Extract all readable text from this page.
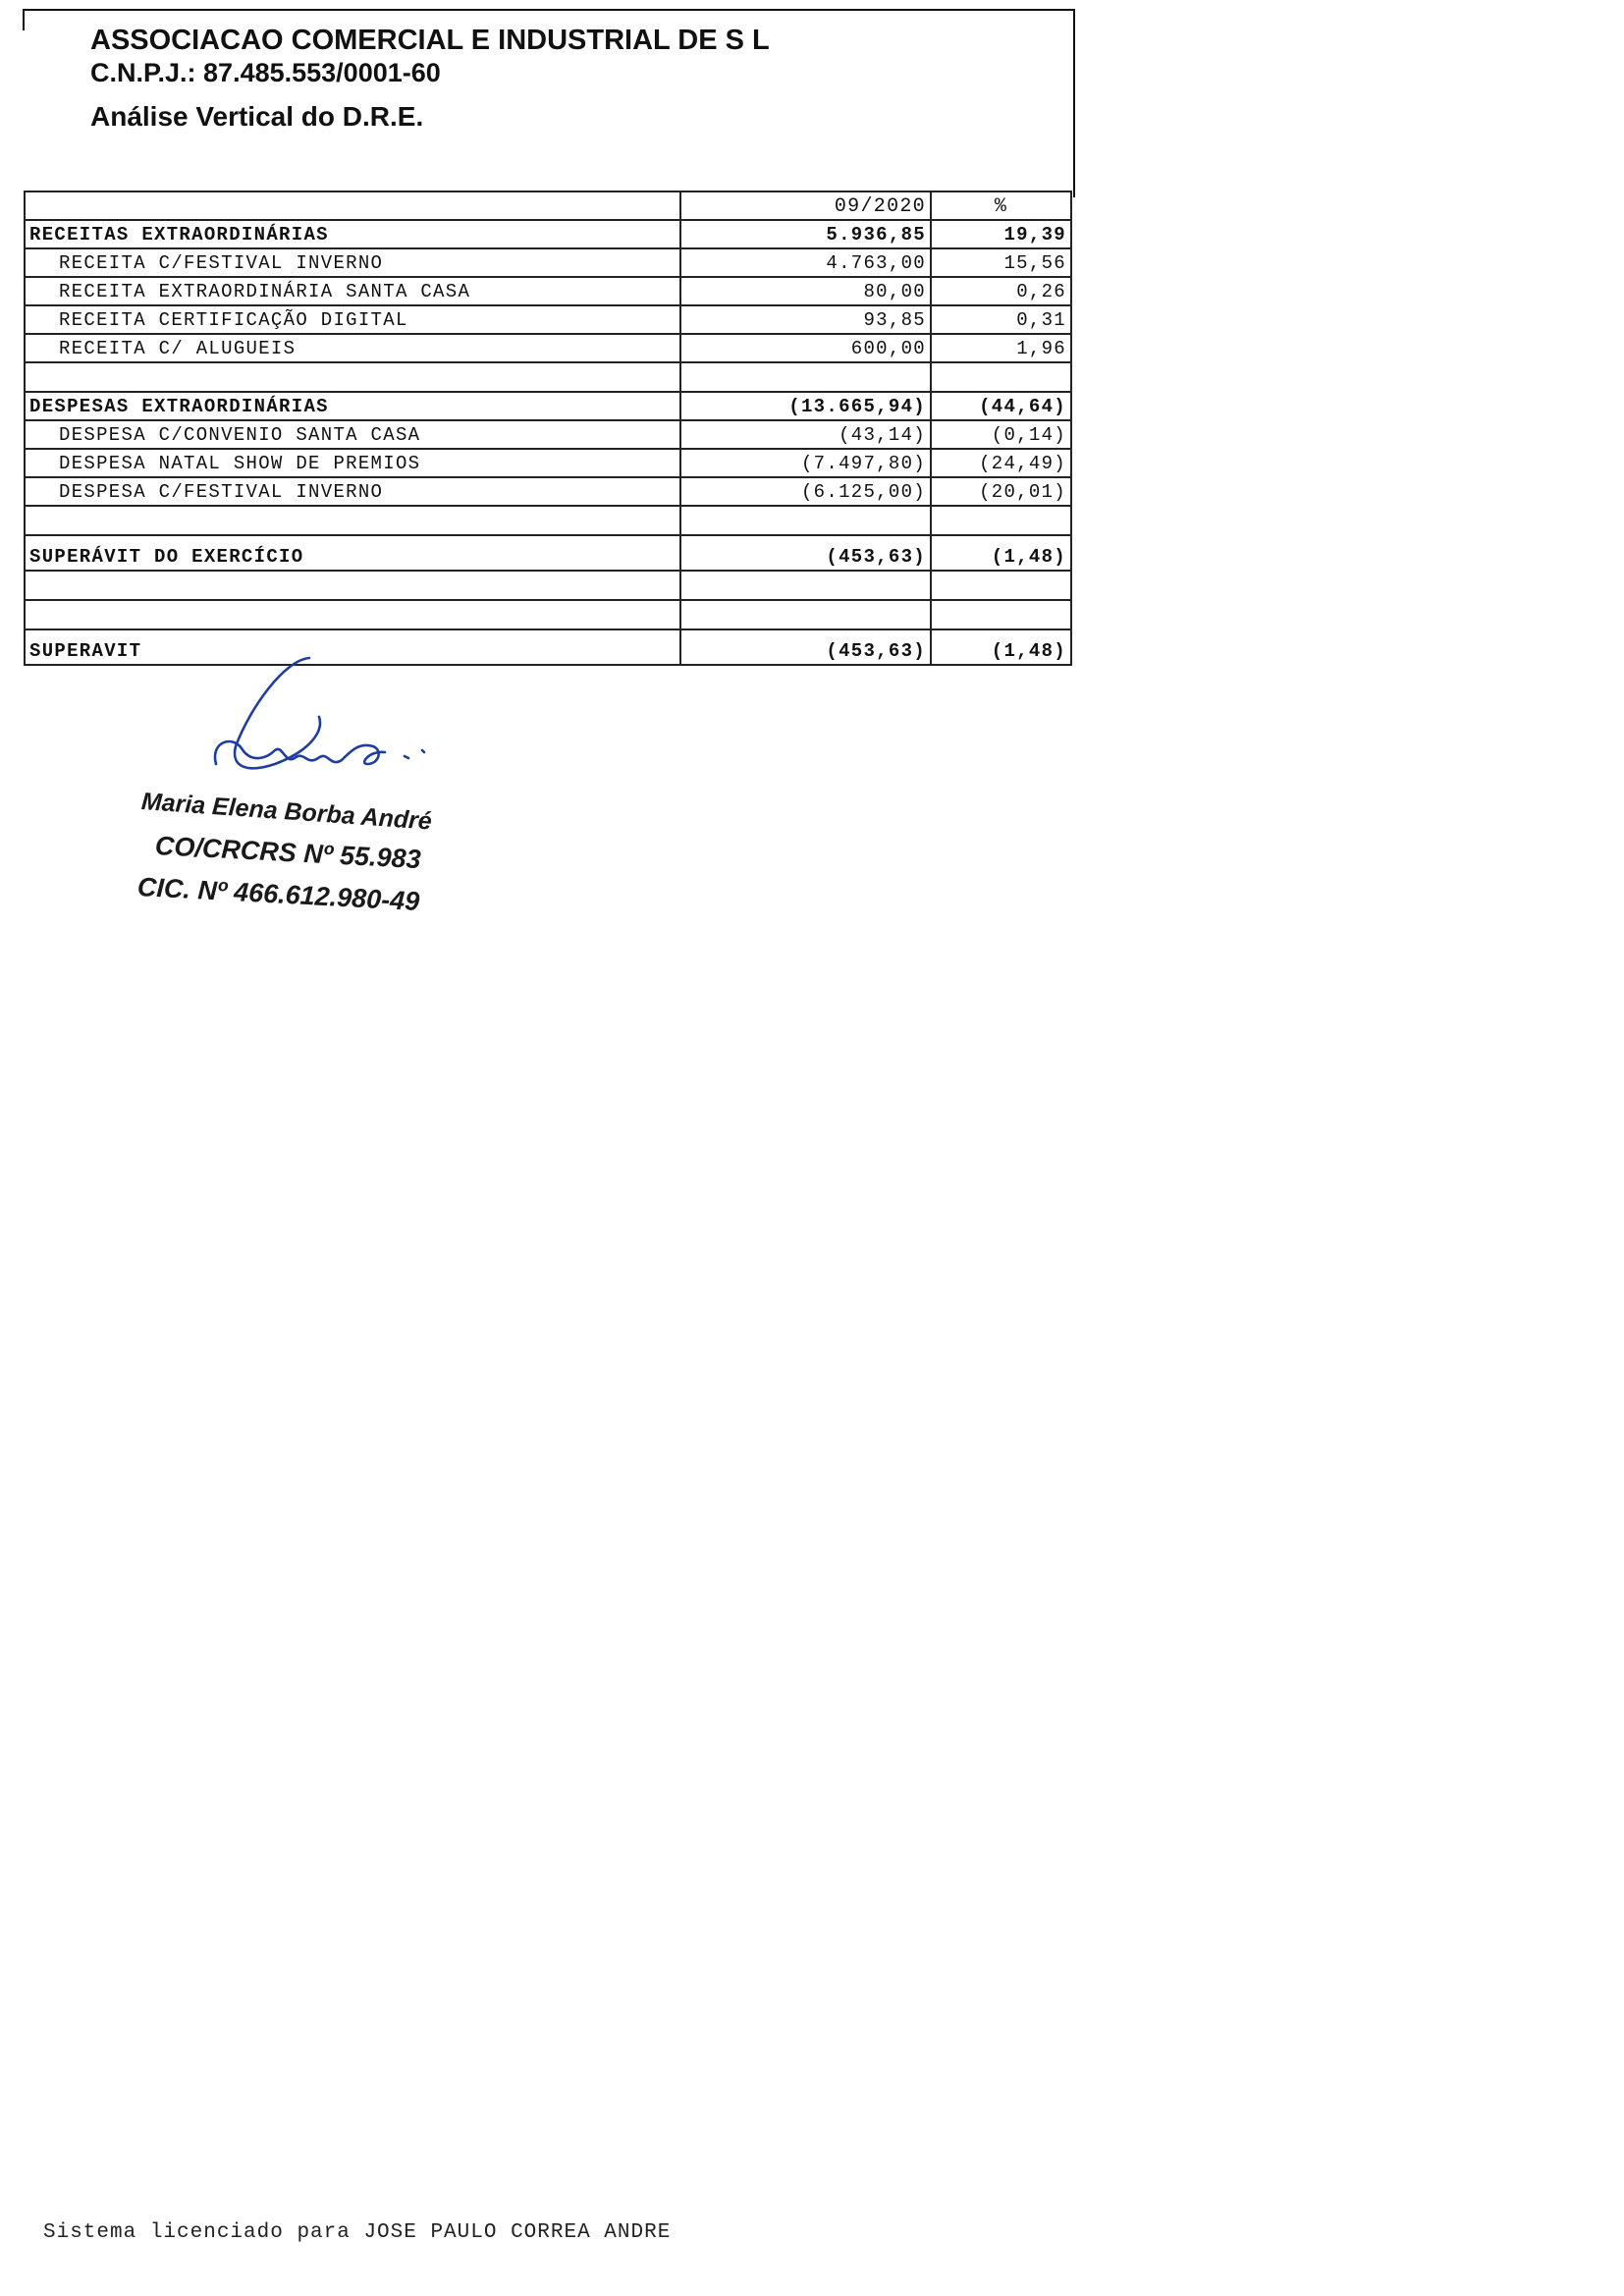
ASSOCIACAO COMERCIAL E INDUSTRIAL DE S L
C.N.P.J.: 87.485.553/0001-60
Análise Vertical do D.R.E.
	09/2020	%
RECEITAS EXTRAORDINÁRIAS	5.936,85	19,39
RECEITA C/FESTIVAL INVERNO	4.763,00	15,56
RECEITA EXTRAORDINÁRIA SANTA CASA	80,00	0,26
RECEITA CERTIFICAÇÃO DIGITAL	93,85	0,31
RECEITA C/ ALUGUEIS	600,00	1,96

DESPESAS EXTRAORDINÁRIAS	(13.665,94)	(44,64)
DESPESA C/CONVENIO SANTA CASA	(43,14)	(0,14)
DESPESA NATAL SHOW DE PREMIOS	(7.497,80)	(24,49)
DESPESA C/FESTIVAL INVERNO	(6.125,00)	(20,01)

SUPERÁVIT DO EXERCÍCIO	(453,63)	(1,48)

SUPERAVIT	(453,63)	(1,48)
Maria Elena Borba André
CO/CRCRS Nº 55.983
CIC. Nº 466.612.980-49
Sistema licenciado para JOSE PAULO CORREA ANDRE
